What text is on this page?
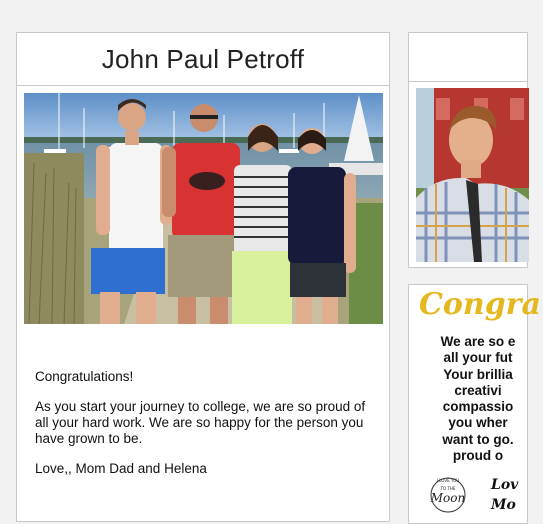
John Paul Petroff

Congratulations!

As you start your journey to college, we are so proud of all your hard work. We are so happy for the person you have grown to be.

Love,, Mom Dad and Helena

Congra
We are so e
all your fut
Your brillia
creativi
compassio
you wher
want to go.
proud o
I LOVE YOU
TO THE
Moon
Lov
Mo
